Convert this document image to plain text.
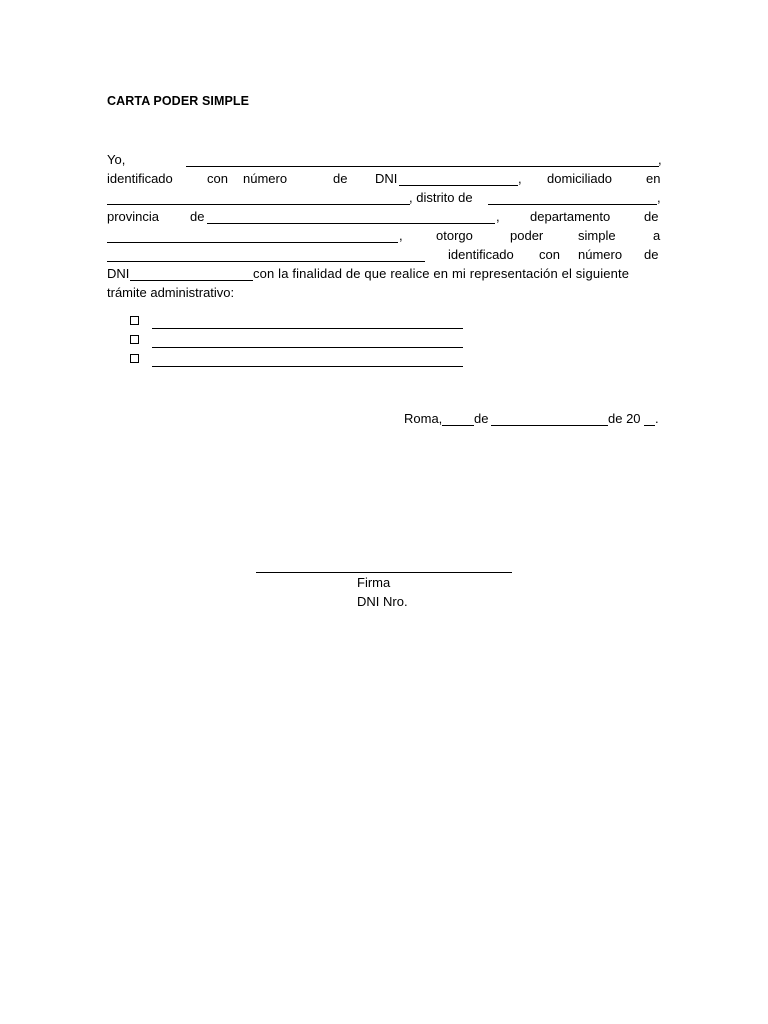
CARTA PODER SIMPLE
Yo,	,
identificado	con número	de DNI	, domiciliado	en
, distrito de	,
provincia de	, departamento	de
,	otorgo	poder	simple	a
identificado con número de
DNI	con la finalidad de que realice en mi representación el siguiente
trámite administrativo:
Roma, de	de 20 .
Firma
DNI Nro.
